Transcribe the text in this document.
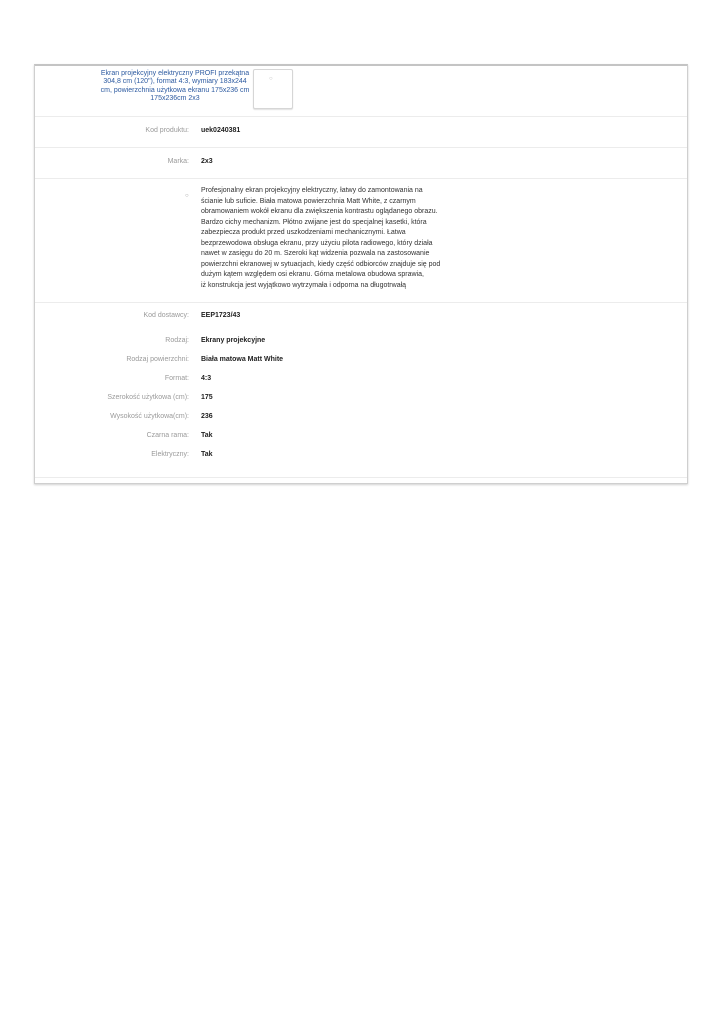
Ekran projekcyjny elektryczny PROFI przekątna 304,8 cm (120"), format 4:3, wymiary 183x244 cm, powierzchnia użytkowa ekranu 175x236 cm 175x236cm 2x3
○
Kod produktu: uek0240381
Marka: 2x3
○

Profesjonalny ekran projekcyjny elektryczny, łatwy do zamontowania na

ścianie lub suficie. Biała matowa powierzchnia Matt White, z czarnym

obramowaniem wokół ekranu dla zwiększenia kontrastu oglądanego obrazu.

Bardzo cichy mechanizm. Płótno zwijane jest do specjalnej kasetki, która

zabezpiecza produkt przed uszkodzeniami mechanicznymi. Łatwa

bezprzewodowa obsługa ekranu, przy użyciu pilota radiowego, który działa

nawet w zasięgu do 20 m. Szeroki kąt widzenia pozwala na zastosowanie

powierzchni ekranowej w sytuacjach, kiedy część odbiorców znajduje się pod

dużym kątem względem osi ekranu. Górna metalowa obudowa sprawia,

iż konstrukcja jest wyjątkowo wytrzymała i odporna na długotrwałą

Kod dostawcy: EEP1723/43
Rodzaj: Ekrany projekcyjne
Rodzaj powierzchni: Biała matowa Matt White
Format: 4:3
Szerokość użytkowa (cm): 175
Wysokość użytkowa(cm): 236
Czarna rama: Tak
Elektryczny: Tak
